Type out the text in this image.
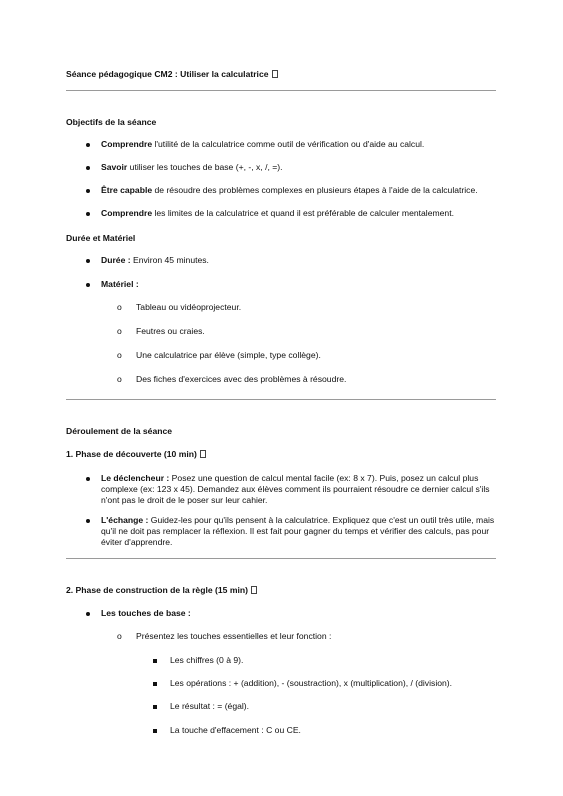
Séance pédagogique CM2 : Utiliser la calculatrice

Objectifs de la séance

Comprendre l'utilité de la calculatrice comme outil de vérification ou d'aide au calcul.

Savoir utiliser les touches de base (+, -, x, /, =).

Être capable de résoudre des problèmes complexes en plusieurs étapes à l'aide de la calculatrice.

Comprendre les limites de la calculatrice et quand il est préférable de calculer mentalement.

Durée et Matériel

Durée : Environ 45 minutes.

Matériel :

o Tableau ou vidéoprojecteur.

o Feutres ou craies.

o Une calculatrice par élève (simple, type collège).

o Des fiches d'exercices avec des problèmes à résoudre.

Déroulement de la séance

1. Phase de découverte (10 min)

Le déclencheur : Posez une question de calcul mental facile (ex: 8 x 7). Puis, posez un calcul plus complexe (ex: 123 x 45). Demandez aux élèves comment ils pourraient résoudre ce dernier calcul s'ils n'ont pas le droit de le poser sur leur cahier.

L'échange : Guidez-les pour qu'ils pensent à la calculatrice. Expliquez que c'est un outil très utile, mais qu'il ne doit pas remplacer la réflexion. Il est fait pour gagner du temps et vérifier des calculs, pas pour éviter d'apprendre.

2. Phase de construction de la règle (15 min)

Les touches de base :

o Présentez les touches essentielles et leur fonction :

Les chiffres (0 à 9).

Les opérations : + (addition), - (soustraction), x (multiplication), / (division).

Le résultat : = (égal).

La touche d'effacement : C ou CE.
